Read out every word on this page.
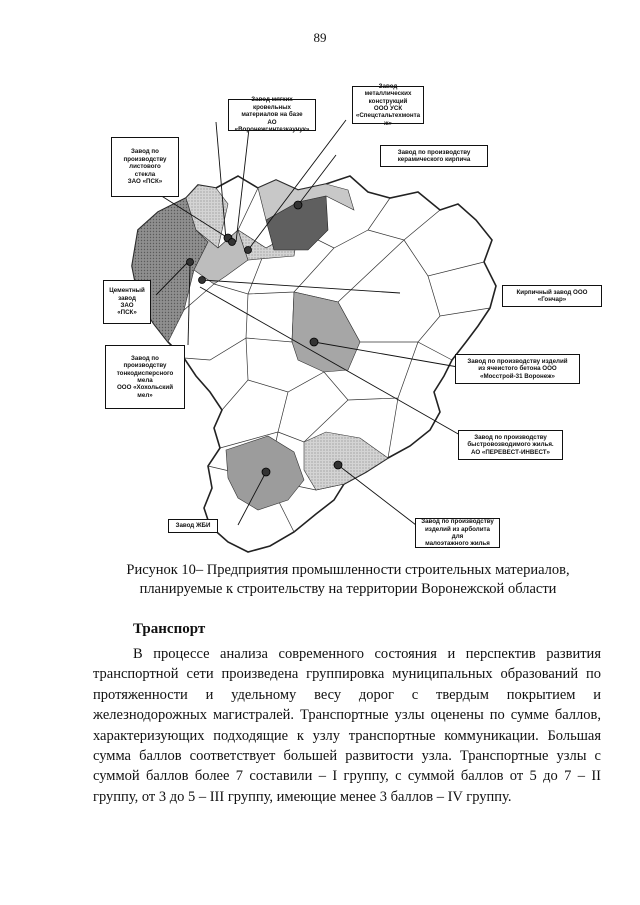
89
Завод по
производству
листового
стекла
ЗАО «ПСК»
Завод мягких кровельных
материалов на базе
АО «Воронежсинтезкаучук»
Завод металлических
конструкций
ООО УСК
«Спецстальтехмонта
ж»
Завод по производству
керамического кирпича
Цементный
завод
ЗАО
«ПСК»
Кирпичный завод ООО
«Гончар»
Завод по
производству
тонкодисперсного
мела
ООО «Хохольский
мел»
Завод по производству изделий
из ячеистого бетона ООО
«Мосстрой-31 Воронеж»
Завод по производству
быстровозводимого жилья.
АО «ПЕРЕВЕСТ-ИНВЕСТ»
Завод ЖБИ
Завод по производству
изделий из арболита для
малоэтажного жилья
Рисунок 10– Предприятия промышленности строительных материалов,
планируемые к строительству на территории Воронежской области
Транспорт

В процессе анализа современного состояния и перспектив развития транспортной сети произведена группировка муниципальных образований по протяженности и удельному весу дорог с твердым покрытием и железнодорожных магистралей. Транспортные узлы оценены по сумме баллов, характеризующих подходящие к узлу транспортные коммуникации. Большая сумма баллов соответствует большей развитости узла. Транспортные узлы с суммой баллов более 7 составили – I группу, с суммой баллов от 5 до 7 – II группу, от 3 до 5 – III группу, имеющие менее 3 баллов – IV группу.
